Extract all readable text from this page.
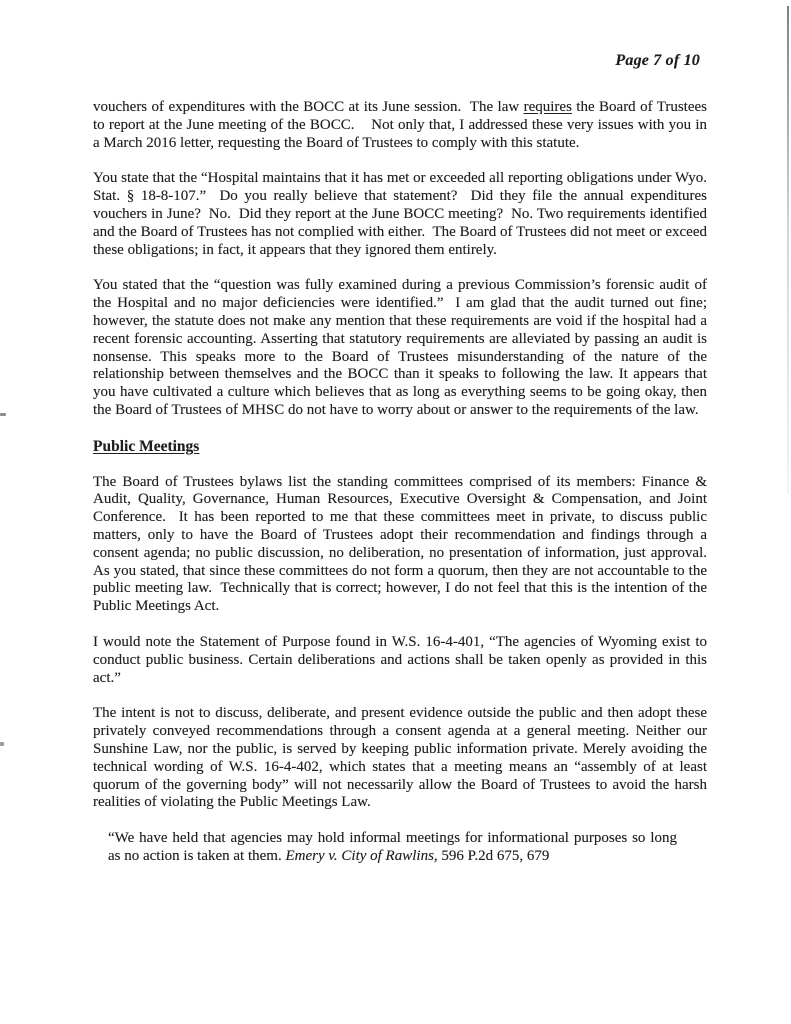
Page 7 of 10

vouchers of expenditures with the BOCC at its June session.  The law requires the Board of Trustees to report at the June meeting of the BOCC.    Not only that, I addressed these very issues with you in a March 2016 letter, requesting the Board of Trustees to comply with this statute.

You state that the “Hospital maintains that it has met or exceeded all reporting obligations under Wyo. Stat. § 18-8-107.”  Do you really believe that statement?  Did they file the annual expenditures vouchers in June?  No.  Did they report at the June BOCC meeting?  No. Two requirements identified and the Board of Trustees has not complied with either.  The Board of Trustees did not meet or exceed these obligations; in fact, it appears that they ignored them entirely.

You stated that the “question was fully examined during a previous Commission’s forensic audit of the Hospital and no major deficiencies were identified.”  I am glad that the audit turned out fine; however, the statute does not make any mention that these requirements are void if the hospital had a recent forensic accounting. Asserting that statutory requirements are alleviated by passing an audit is nonsense. This speaks more to the Board of Trustees misunderstanding of the nature of the relationship between themselves and the BOCC than it speaks to following the law. It appears that you have cultivated a culture which believes that as long as everything seems to be going okay, then the Board of Trustees of MHSC do not have to worry about or answer to the requirements of the law.

Public Meetings

The Board of Trustees bylaws list the standing committees comprised of its members: Finance & Audit, Quality, Governance, Human Resources, Executive Oversight & Compensation, and Joint Conference.  It has been reported to me that these committees meet in private, to discuss public matters, only to have the Board of Trustees adopt their recommendation and findings through a consent agenda; no public discussion, no deliberation, no presentation of information, just approval.   As you stated, that since these committees do not form a quorum, then they are not accountable to the public meeting law.  Technically that is correct; however, I do not feel that this is the intention of the Public Meetings Act.

I would note the Statement of Purpose found in W.S. 16-4-401, “The agencies of Wyoming exist to conduct public business. Certain deliberations and actions shall be taken openly as provided in this act.”

The intent is not to discuss, deliberate, and present evidence outside the public and then adopt these privately conveyed recommendations through a consent agenda at a general meeting. Neither our Sunshine Law, nor the public, is served by keeping public information private. Merely avoiding the technical wording of W.S. 16-4-402, which states that a meeting means an “assembly of at least quorum of the governing body” will not necessarily allow the Board of Trustees to avoid the harsh realities of violating the Public Meetings Law.

“We have held that agencies may hold informal meetings for informational purposes so long as no action is taken at them. Emery v. City of Rawlins, 596 P.2d 675, 679
